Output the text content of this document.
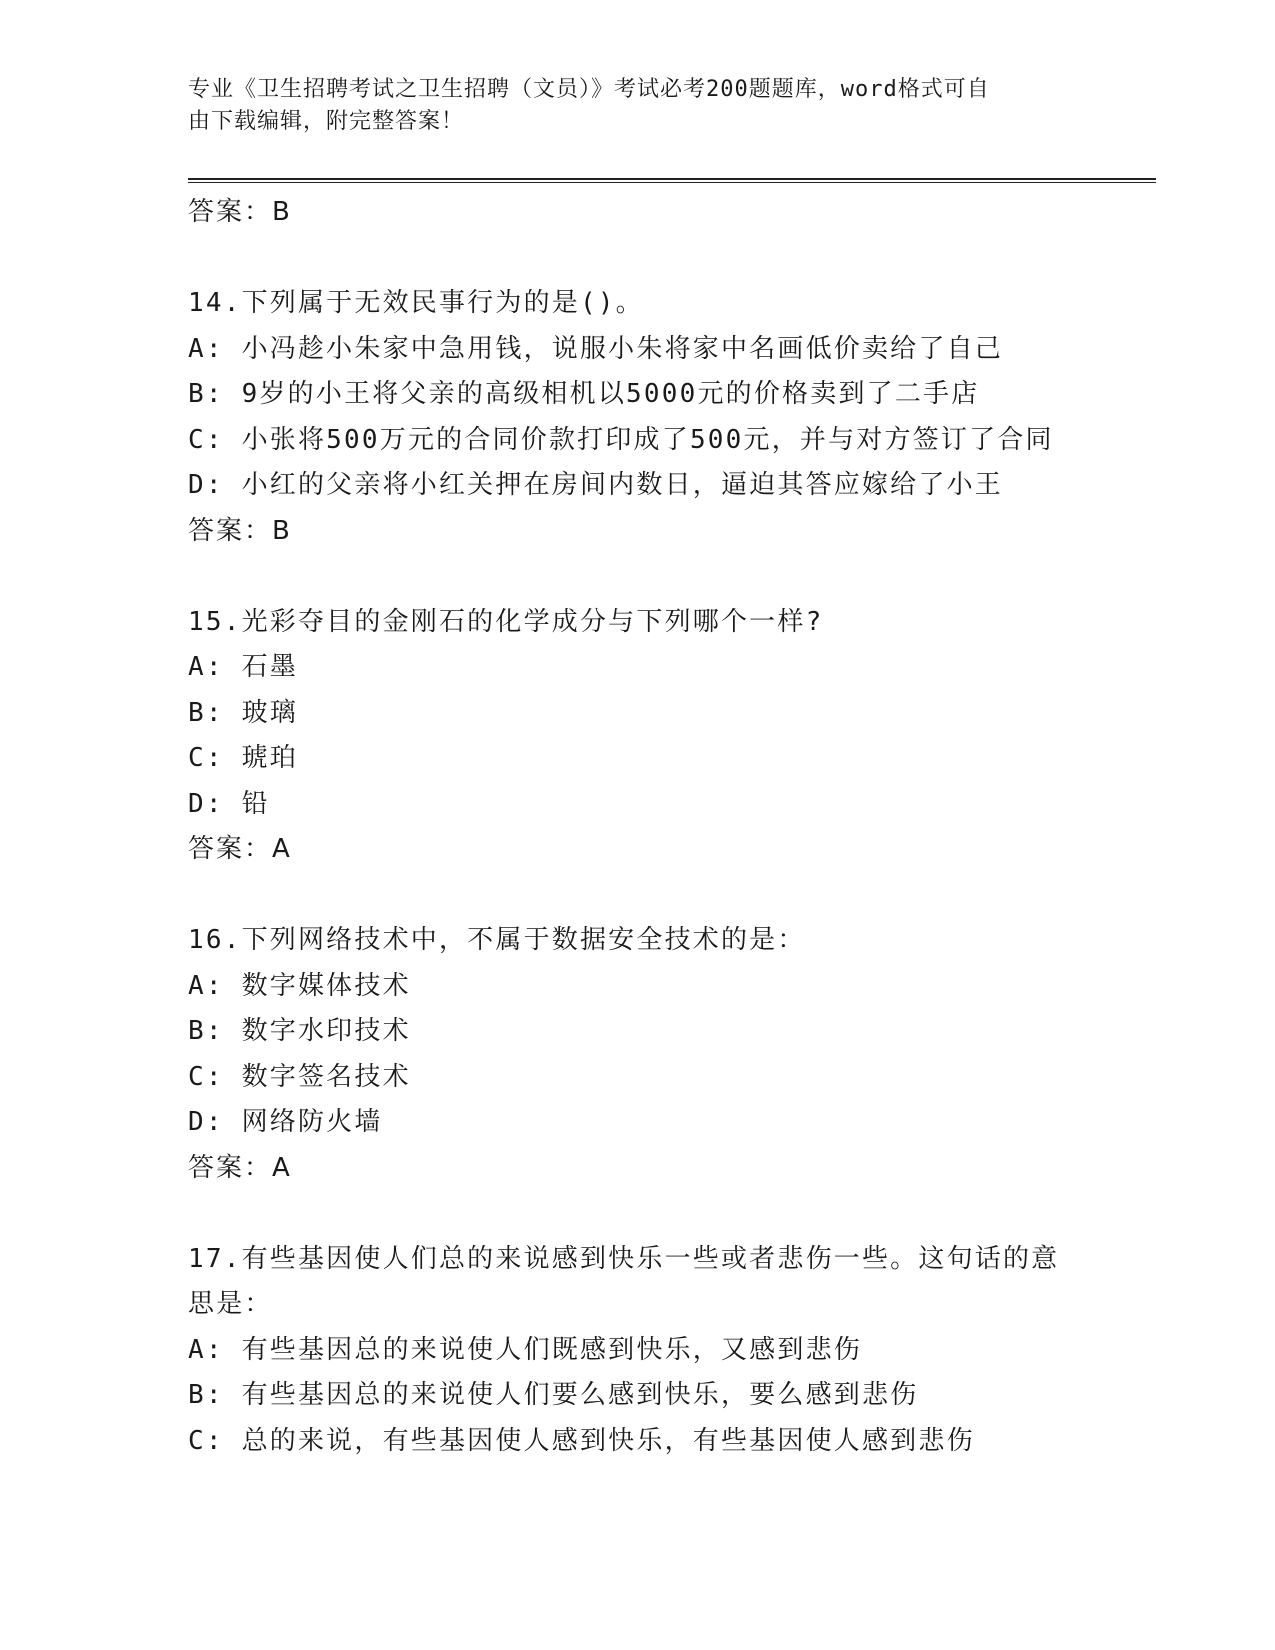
专业《卫生招聘考试之卫生招聘（文员）》考试必考200题题库，word格式可自
由下载编辑，附完整答案！
答案：B
14.下列属于无效民事行为的是()。
A: 小冯趁小朱家中急用钱，说服小朱将家中名画低价卖给了自己
B: 9岁的小王将父亲的高级相机以5000元的价格卖到了二手店
C: 小张将500万元的合同价款打印成了500元，并与对方签订了合同
D: 小红的父亲将小红关押在房间内数日，逼迫其答应嫁给了小王
答案：B
15.光彩夺目的金刚石的化学成分与下列哪个一样?
A: 石墨
B: 玻璃
C: 琥珀
D: 铅
答案：A
16.下列网络技术中，不属于数据安全技术的是：
A: 数字媒体技术
B: 数字水印技术
C: 数字签名技术
D: 网络防火墙
答案：A
17.有些基因使人们总的来说感到快乐一些或者悲伤一些。这句话的意
思是：
A: 有些基因总的来说使人们既感到快乐，又感到悲伤
B: 有些基因总的来说使人们要么感到快乐，要么感到悲伤
C: 总的来说，有些基因使人感到快乐，有些基因使人感到悲伤
